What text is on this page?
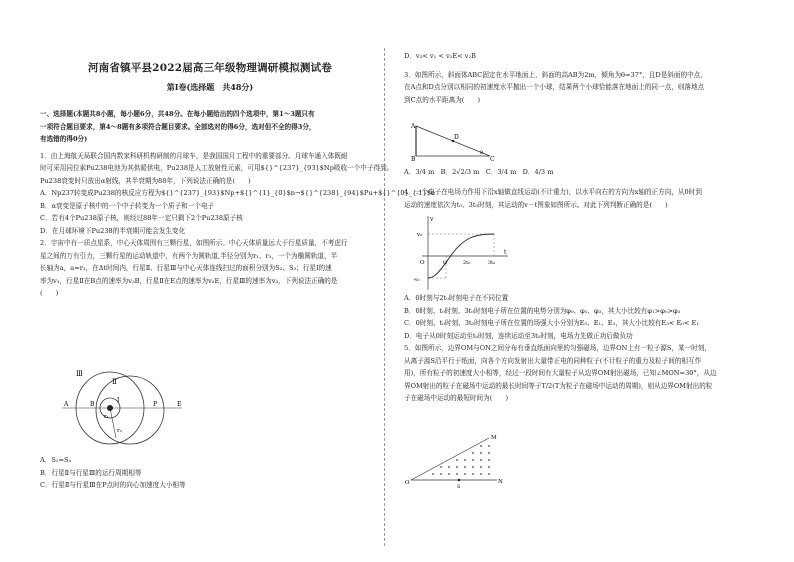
河南省镇平县2022届高三年级物理调研模拟测试卷
第Ⅰ卷(选择题　共48分)

一、选择题(本题共8小题，每小题6分，共48分。在每小题给出的四个选项中，第1～3题只有

一项符合题目要求，第4～8题有多项符合题目要求。全部选对的得6分，选对但不全的得3分，

有选错的得0分)

1．由上海航天局联合国内数家科研机构研制的月球车，是我国国月工程中的重要部分。月球车通入体既耐

时可采用同位素Pu238电池为其供暖供电，Pu238是人工放射性元素，可用${}^{237}_{93}$Np吸收一个中子得到。

Pu238衰变时只放出α射线，其半衰期为88年，下列说法正确的是(　　)

A．Np237转变成Pu238的核反应方程为${}^{237}_{93}$Np+${}^{1}_{0}$n→${}^{238}_{94}$Pu+${}^{0}_{-1}$e

B．α衰变是原子核中的一个中子转变为一个质子和一个电子

C．若有4个Pu238原子核，则经过88年一定只剩下2个Pu238原子核

D．在月球环境下Pu238的半衰期可能会发生变化

2．宇宙中有一质点星系，中心天体周围有三颗行星，如图所示。中心天体质量远大于行星质量，不考虑行

星之间的万有引力，三颗行星的运动轨道中，有两个为圆轨道,半径分别为r₁、r₃，一个为椭圆轨道，半

长轴为a，a=r₃，在Δt时间内，行星Ⅱ、行星Ⅲ与中心天体连线扫过的面积分别为S₂、S₃；行星Ⅰ的速

率为v₁，行星Ⅱ在B点的速率为v₂B，行星Ⅱ在E点的速率为v₂E，行星Ⅲ的速率为v₃，下列说法正确的是

(　　)

Ⅲ
Ⅱ
Ⅰ
A	B	P	E
r₁
r₃

A．S₂=S₃

B．行星Ⅱ与行星Ⅲ的运行周期相等

C．行星Ⅱ与行星Ⅲ在P点时的向心加速度大小相等

D．v₃< v₁ < v₂E< v₂B

3．如图所示，斜面体ABC固定在水平地面上，斜面的高AB为2m，倾角为θ=37°，且D是斜面的中点，

在A点和D点分别以相同的初速度水平抛出一个小球，结果两个小球恰能落在地面上的同一点，则落地点

到C点的水平距离为(　　)

A
D
B	C
θ

A．3/4 m B．2√2/3 m C．3/4 m D．4/3 m

4．一个电子在电场力作用下沿x轴做直线运动(不计重力)，以水平向右的方向为x轴的正方向，从0时到

运动的速度依次为t₀、3t₀时刻，其运动的v－t图象如图所示。对此下列判断正确的是(　　)

v
v₀
O	t₀	2t₀	3t₀
t
-v₀

A．0时刻与2t₀时刻电子在不同位置

B．0时刻、t₀时刻、3t₀时刻电子所在位置的电势分别为φ₀、φ₁、φ₃，其大小比较有φ₁>φ₀>φ₃

C．0时刻、t₀时刻、3t₀时刻电子所在位置的场强大小分别为E₀、E₁、E₃，其大小比较有E₃< E₀< E₁

D．电子从0时刻运动至t₀时刻，连续运动至3t₀时刻，电场力先做正功后做负功

5．如图所示，边界OM与ON之间分布有垂直纸面向里的匀强磁场，边界ON上有一粒子源S，某一时刻，

从离子源S沿平行于纸面，向各个方向发射出大量带正电的同种粒子(不计粒子的重力及粒子间的相互作

用)，所有粒子的初速度大小相等，经过一段时间有大量粒子从边界OM射出磁场，已知∠MON=30°，从边

界OM射出的粒子在磁场中运动的最长时间等于T/2(T为粒子在磁场中运动的周期)，则从边界OM射出的粒

子在磁场中运动的最短时间为(　　)

M
O
S
N
